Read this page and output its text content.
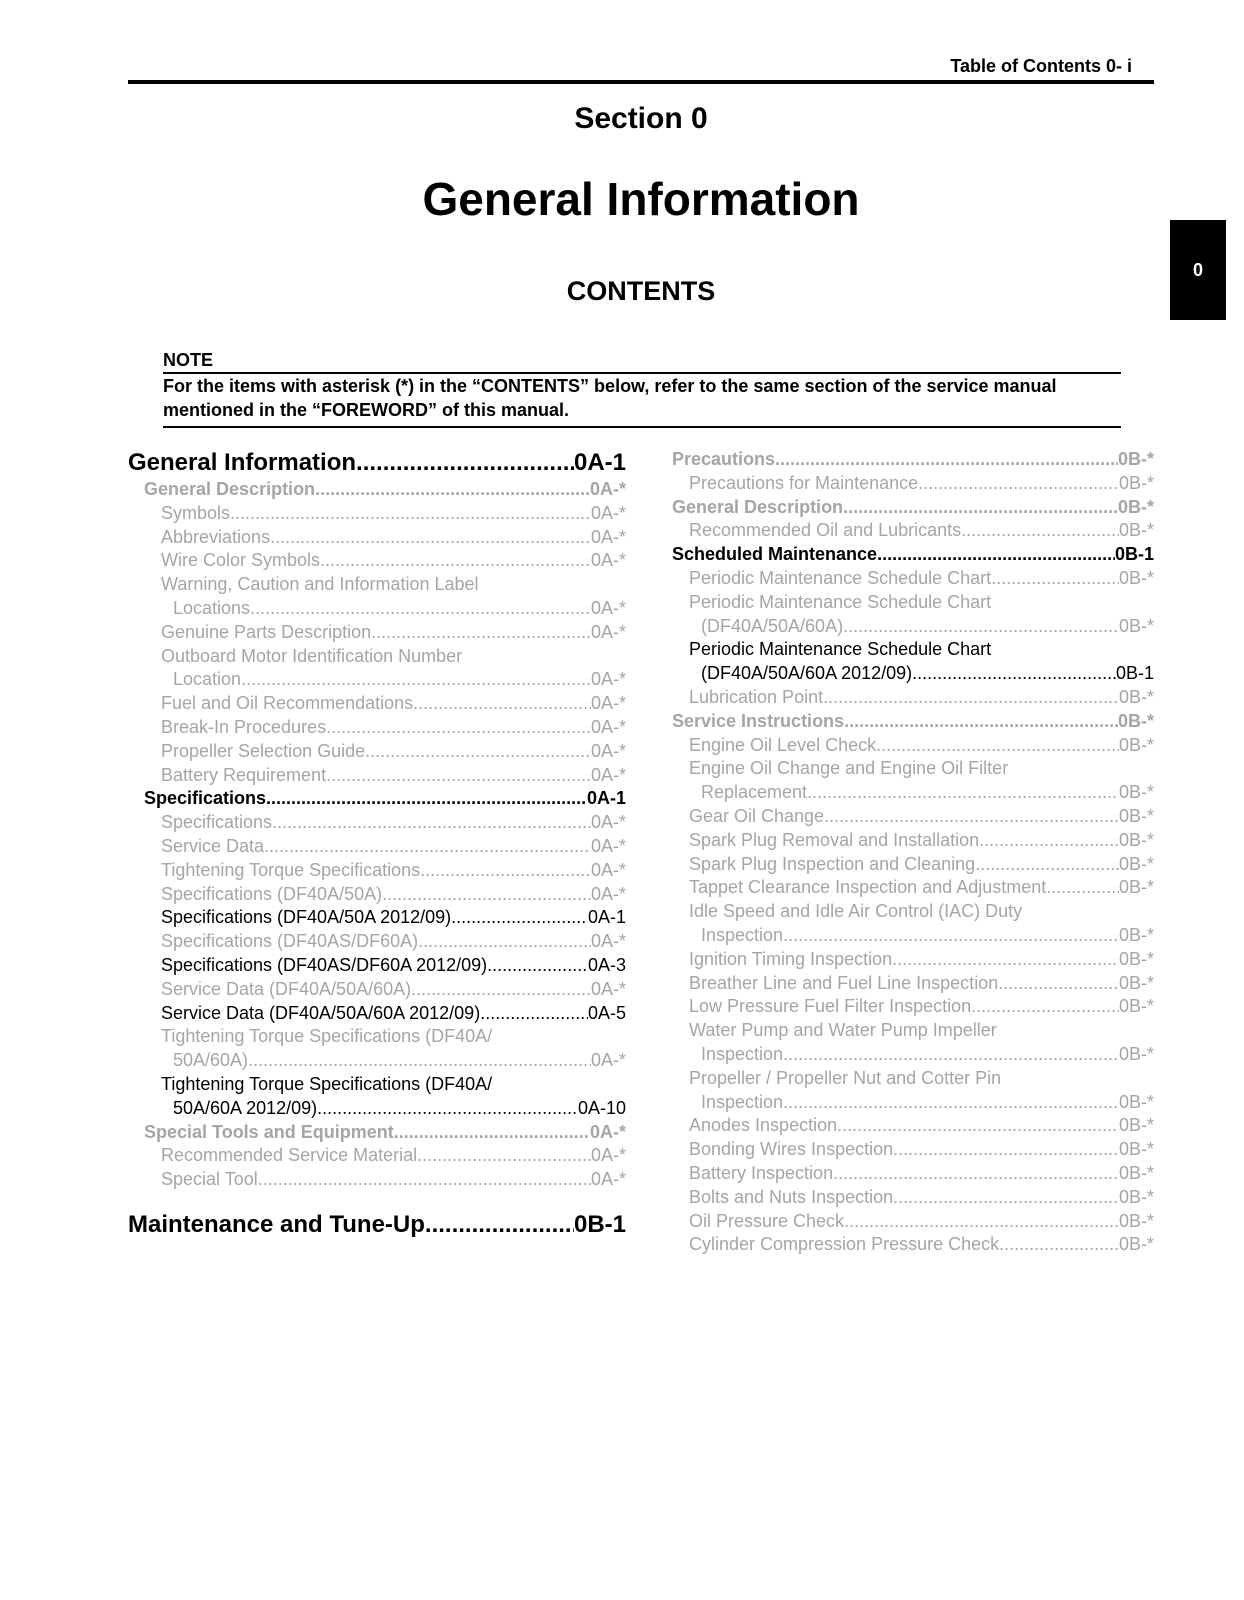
Table of Contents 0- i
Section 0
General Information
CONTENTS
0
NOTE
For the items with asterisk (*) in the “CONTENTS” below, refer to the same section of the service manual mentioned in the “FOREWORD” of this manual.
General Information .....	0A-1
General Description .....	0A-*
Symbols .....	0A-*
Abbreviations .....	0A-*
Wire Color Symbols .....	0A-*
Warning, Caution and Information Label
Locations .....	0A-*
Genuine Parts Description .....	0A-*
Outboard Motor Identification Number
Location .....	0A-*
Fuel and Oil Recommendations .....	0A-*
Break-In Procedures .....	0A-*
Propeller Selection Guide .....	0A-*
Battery Requirement .....	0A-*
Specifications .....	0A-1
Specifications .....	0A-*
Service Data .....	0A-*
Tightening Torque Specifications .....	0A-*
Specifications (DF40A/50A) .....	0A-*
Specifications (DF40A/50A 2012/09) .....	0A-1
Specifications (DF40AS/DF60A) .....	0A-*
Specifications (DF40AS/DF60A 2012/09) .....	0A-3
Service Data (DF40A/50A/60A) .....	0A-*
Service Data (DF40A/50A/60A 2012/09) .....	0A-5
Tightening Torque Specifications (DF40A/
50A/60A) .....	0A-*
Tightening Torque Specifications (DF40A/
50A/60A 2012/09) .....	0A-10
Special Tools and Equipment .....	0A-*
Recommended Service Material .....	0A-*
Special Tool .....	0A-*
Maintenance and Tune-Up .....	0B-1
Precautions .....	0B-*
Precautions for Maintenance .....	0B-*
General Description .....	0B-*
Recommended Oil and Lubricants .....	0B-*
Scheduled Maintenance .....	0B-1
Periodic Maintenance Schedule Chart .....	0B-*
Periodic Maintenance Schedule Chart
(DF40A/50A/60A) .....	0B-*
Periodic Maintenance Schedule Chart
(DF40A/50A/60A 2012/09) .....	0B-1
Lubrication Point .....	0B-*
Service Instructions .....	0B-*
Engine Oil Level Check .....	0B-*
Engine Oil Change and Engine Oil Filter
Replacement .....	0B-*
Gear Oil Change .....	0B-*
Spark Plug Removal and Installation .....	0B-*
Spark Plug Inspection and Cleaning .....	0B-*
Tappet Clearance Inspection and Adjustment .....	0B-*
Idle Speed and Idle Air Control (IAC) Duty
Inspection .....	0B-*
Ignition Timing Inspection .....	0B-*
Breather Line and Fuel Line Inspection .....	0B-*
Low Pressure Fuel Filter Inspection .....	0B-*
Water Pump and Water Pump Impeller
Inspection .....	0B-*
Propeller / Propeller Nut and Cotter Pin
Inspection .....	0B-*
Anodes Inspection .....	0B-*
Bonding Wires Inspection .....	0B-*
Battery Inspection .....	0B-*
Bolts and Nuts Inspection .....	0B-*
Oil Pressure Check .....	0B-*
Cylinder Compression Pressure Check .....	0B-*
